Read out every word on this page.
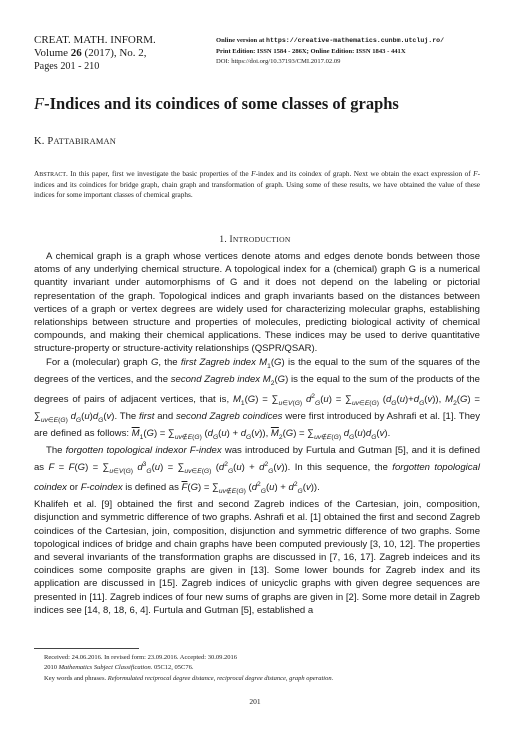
CREAT. MATH. INFORM.
Volume 26 (2017), No. 2,
Pages 201 - 210
Online version at https://creative-mathematics.cunbm.utcluj.ro/
Print Edition: ISSN 1584 - 286X; Online Edition: ISSN 1843 - 441X
DOI: https://doi.org/10.37193/CMI.2017.02.09
F-Indices and its coindices of some classes of graphs
K. PATTABIRAMAN
ABSTRACT. In this paper, first we investigate the basic properties of the F-index and its coindex of graph. Next we obtain the exact expression of F-indices and its coindices for bridge graph, chain graph and transformation of graph. Using some of these results, we have obtained the value of these indices for some important classes of chemical graphs.
1. INTRODUCTION

A chemical graph is a graph whose vertices denote atoms and edges denote bonds between those atoms of any underlying chemical structure. A topological index for a (chemical) graph G is a numerical quantity invariant under automorphisms of G and it does not depend on the labeling or pictorial representation of the graph. Topological indices and graph invariants based on the distances between vertices of a graph or vertex degrees are widely used for characterizing molecular graphs, establishing relationships between structure and properties of molecules, predicting biological activity of chemical compounds, and making their chemical applications. These indices may be used to derive quantitative structure-property or structure-activity relationships (QSPR/QSAR).

For a (molecular) graph G, the first Zagreb index $M_1(G)$ is the equal to the sum of the squares of the degrees of the vertices, and the second Zagreb index $M_2(G)$ is the equal to the sum of the products of the degrees of pairs of adjacent vertices, that is, $M_1(G) = \sum_{u\in V(G)}$ $d^2_G(u) = \sum_{uv\in E(G)}$ $(d_G(u)+d_G(v))$, $M_2(G) = \sum_{uv\in E(G)}$ $d_G(u)d_G(v)$. The first and second Zagreb coindices were first introduced by Ashrafi et al. [1]. They are defined as follows: $\overline{M}_1(G) = \sum_{uv\notin E(G)}$ $(d_G(u) + d_G(v))$, $\overline{M}_2(G) = \sum_{uv\notin E(G)}$ $d_G(u)d_G(v)$.

The forgotten topological indexor F-index was introduced by Furtula and Gutman [5], and it is defined as $F = F(G) = \sum_{u\in V(G)}$ $d^3_G(u) = \sum_{uv\in E(G)}$ $(d^2_G(u) + d^2_G(v))$. In this sequence, the forgotten topological coindex or F-coindex is defined as $\overline{F}(G) = \sum_{uv\notin E(G)}$ $(d^2_G(u) + d^2_G(v))$.

Khalifeh et al. [9] obtained the first and second Zagreb indices of the Cartesian, join, composition, disjunction and symmetric difference of two graphs. Ashrafi et al. [1] obtained the first and second Zagreb coindices of the Cartesian, join, composition, disjunction and symmetric difference of two graphs. Some topological indices of bridge and chain graphs have been computed previously [3, 10, 12]. The properties and several invariants of the transformation graphs are discussed in [7, 16, 17]. Zagreb indeices and its coindices some composite graphs are given in [13]. Some lower bounds for Zagreb index and its application are discussed in [15]. Zagreb indices of unicyclic graphs with given degree sequences are presented in [11]. Zagreb indices of four new sums of graphs are given in [2]. Some more detail in Zagreb indices see [14, 8, 18, 6, 4]. Furtula and Gutman [5], established a

Received: 24.06.2016. In revised form: 23.09.2016. Accepted: 30.09.2016
2010 Mathematics Subject Classification. 05C12, 05C76.
Key words and phrases. Reformulated reciprocal degree distance, reciprocal degree distance, graph operation.
201
